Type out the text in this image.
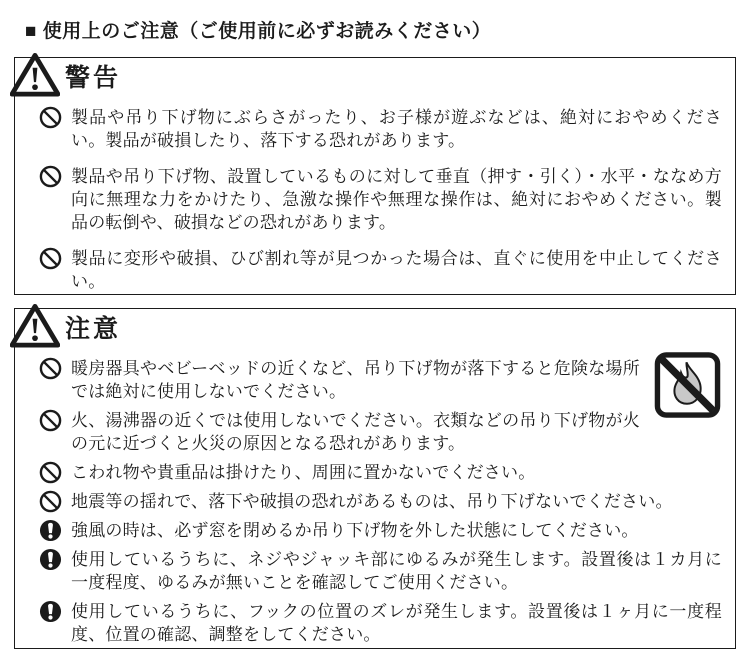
■ 使用上のご注意（ご使用前に必ずお読みください）
警告
製品や吊り下げ物にぶらさがったり、お子様が遊ぶなどは、絶対におやめください。製品が破損したり、落下する恐れがあります。
製品や吊り下げ物、設置しているものに対して垂直（押す・引く）・水平・ななめ方向に無理な力をかけたり、急激な操作や無理な操作は、絶対におやめください。製品の転倒や、破損などの恐れがあります。
製品に変形や破損、ひび割れ等が見つかった場合は、直ぐに使用を中止してください。
注意
暖房器具やベビーベッドの近くなど、吊り下げ物が落下すると危険な場所では絶対に使用しないでください。
火、湯沸器の近くでは使用しないでください。衣類などの吊り下げ物が火の元に近づくと火災の原因となる恐れがあります。
こわれ物や貴重品は掛けたり、周囲に置かないでください。
地震等の揺れで、落下や破損の恐れがあるものは、吊り下げないでください。
強風の時は、必ず窓を閉めるか吊り下げ物を外した状態にしてください。
使用しているうちに、ネジやジャッキ部にゆるみが発生します。設置後は１カ月に一度程度、ゆるみが無いことを確認してご使用ください。
使用しているうちに、フックの位置のズレが発生します。設置後は１ヶ月に一度程度、位置の確認、調整をしてください。
